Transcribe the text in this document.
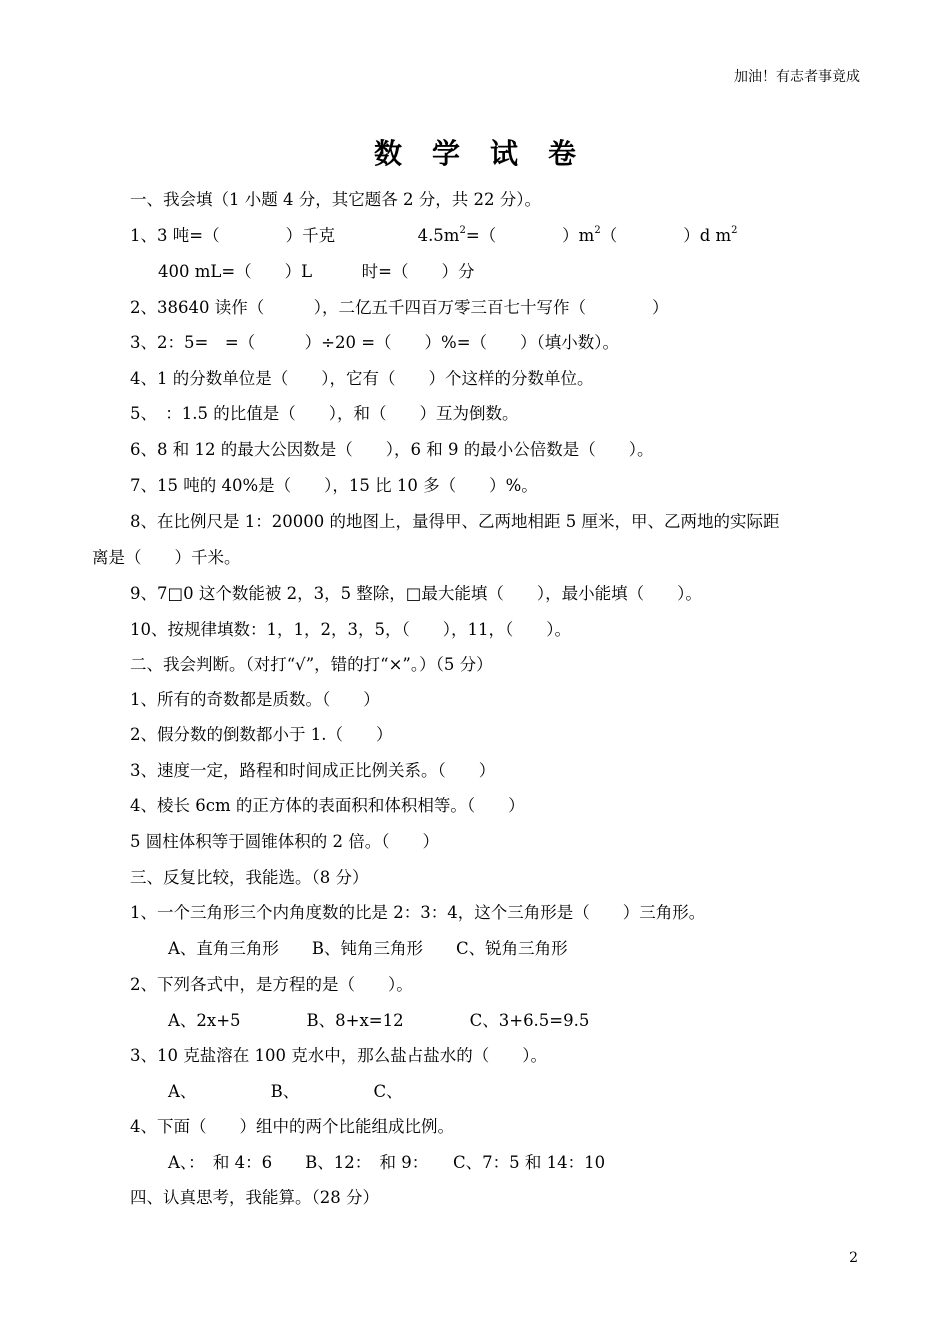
加油！有志者事竟成
数学试卷
一、我会填（1 小题 4 分，其它题各 2 分，共 22 分）。
1、3 吨=（　　　　）千克　　　　　$4.5m^2=$（　　　　）$m^2$（　　　　）d $m^2$
400 mL=（　　）L　　　时=（　　）分
2、38640 读作（　　　），二亿五千四百万零三百七十写作（　　　　）
3、2：5=　=（　　　）÷20 =（　　）%=（　　）（填小数）。
4、1 的分数单位是（　　），它有（　　）个这样的分数单位。
5、　：1.5 的比值是（　　），和（　　）互为倒数。
6、8 和 12 的最大公因数是（　　），6 和 9 的最小公倍数是（　　）。
7、15 吨的 40%是（　　），15 比 10 多（　　）%。
8、在比例尺是 1：20000 的地图上，量得甲、乙两地相距 5 厘米，甲、乙两地的实际距
离是（　　）千米。
9、7□0 这个数能被 2，3，5 整除，□最大能填（　　），最小能填（　　）。
10、按规律填数：1，1，2，3，5，（　　），11，（　　）。
二、我会判断。（对打“√”，错的打“×”。）（5 分）
1、所有的奇数都是质数。（　　）
2、假分数的倒数都小于 1.（　　）
3、速度一定，路程和时间成正比例关系。（　　）
4、棱长 6cm 的正方体的表面积和体积相等。（　　）
5 圆柱体积等于圆锥体积的 2 倍。（　　）
三、反复比较，我能选。（8 分）
1、一个三角形三个内角度数的比是 2：3：4，这个三角形是（　　）三角形。
A、直角三角形　　B、钝角三角形　　C、锐角三角形
2、下列各式中，是方程的是（　　）。
A、2x+5　　　　B、8+x=12　　　　C、3+6.5=9.5
3、10 克盐溶在 100 克水中，那么盐占盐水的（　　）。
A、　　　　　B、　　　　　C、
4、下面（　　）组中的两个比能组成比例。
A、：　和 4：6　　B、12：　和 9：　　C、7：5 和 14：10
四、认真思考，我能算。（28 分）
2
